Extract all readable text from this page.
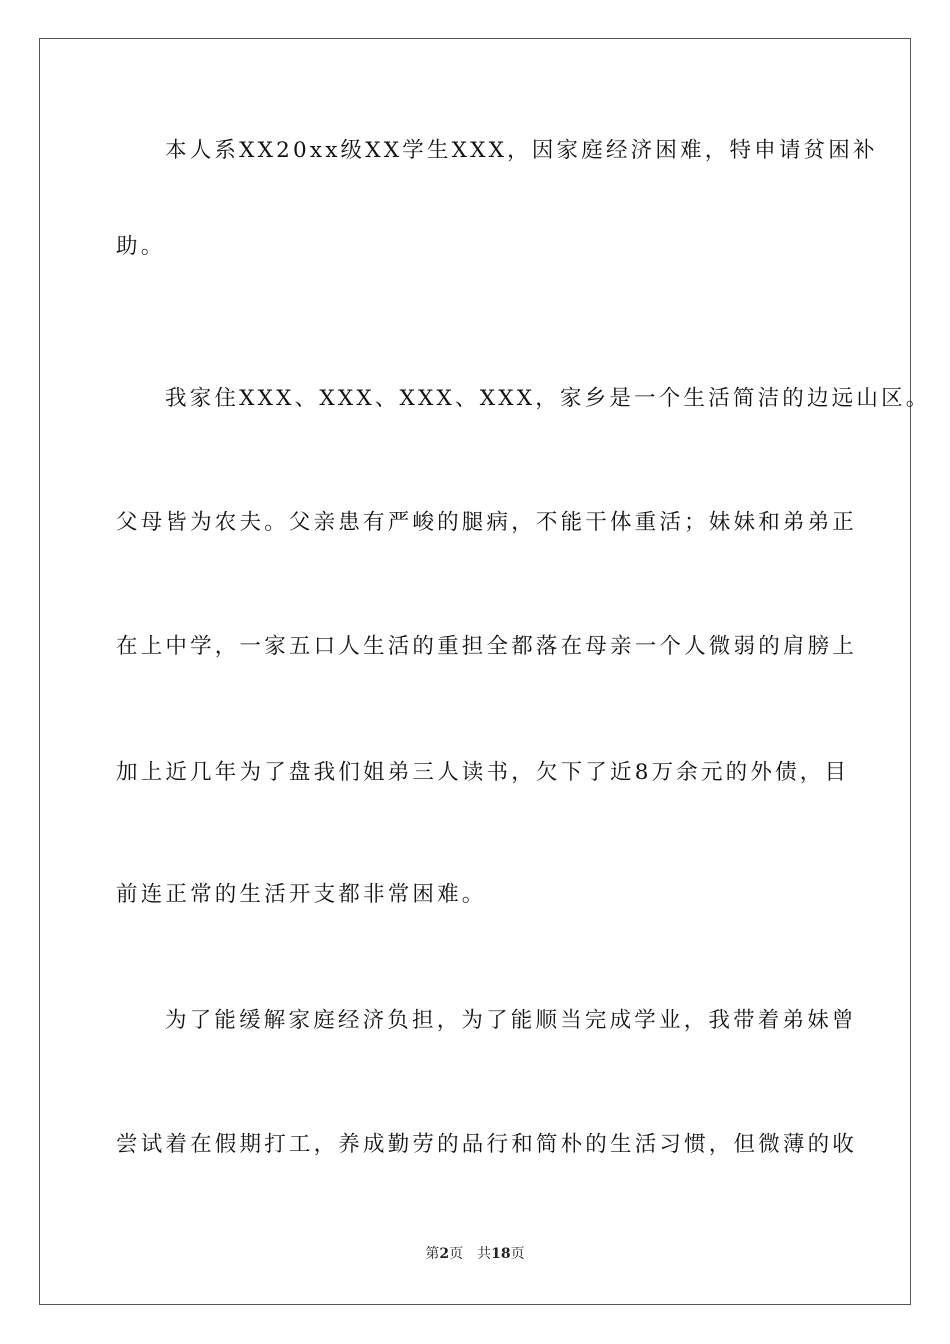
本人系XX20xx级XX学生XXX，因家庭经济困难，特申请贫困补
助。
我家住XXX、XXX、XXX、XXX，家乡是一个生活简洁的边远山区。
父母皆为农夫。父亲患有严峻的腿病，不能干体重活；妹妹和弟弟正
在上中学，一家五口人生活的重担全都落在母亲一个人微弱的肩膀上
加上近几年为了盘我们姐弟三人读书，欠下了近8万余元的外债，目
前连正常的生活开支都非常困难。
为了能缓解家庭经济负担，为了能顺当完成学业，我带着弟妹曾
尝试着在假期打工，养成勤劳的品行和简朴的生活习惯，但微薄的收
第2页 共18页
